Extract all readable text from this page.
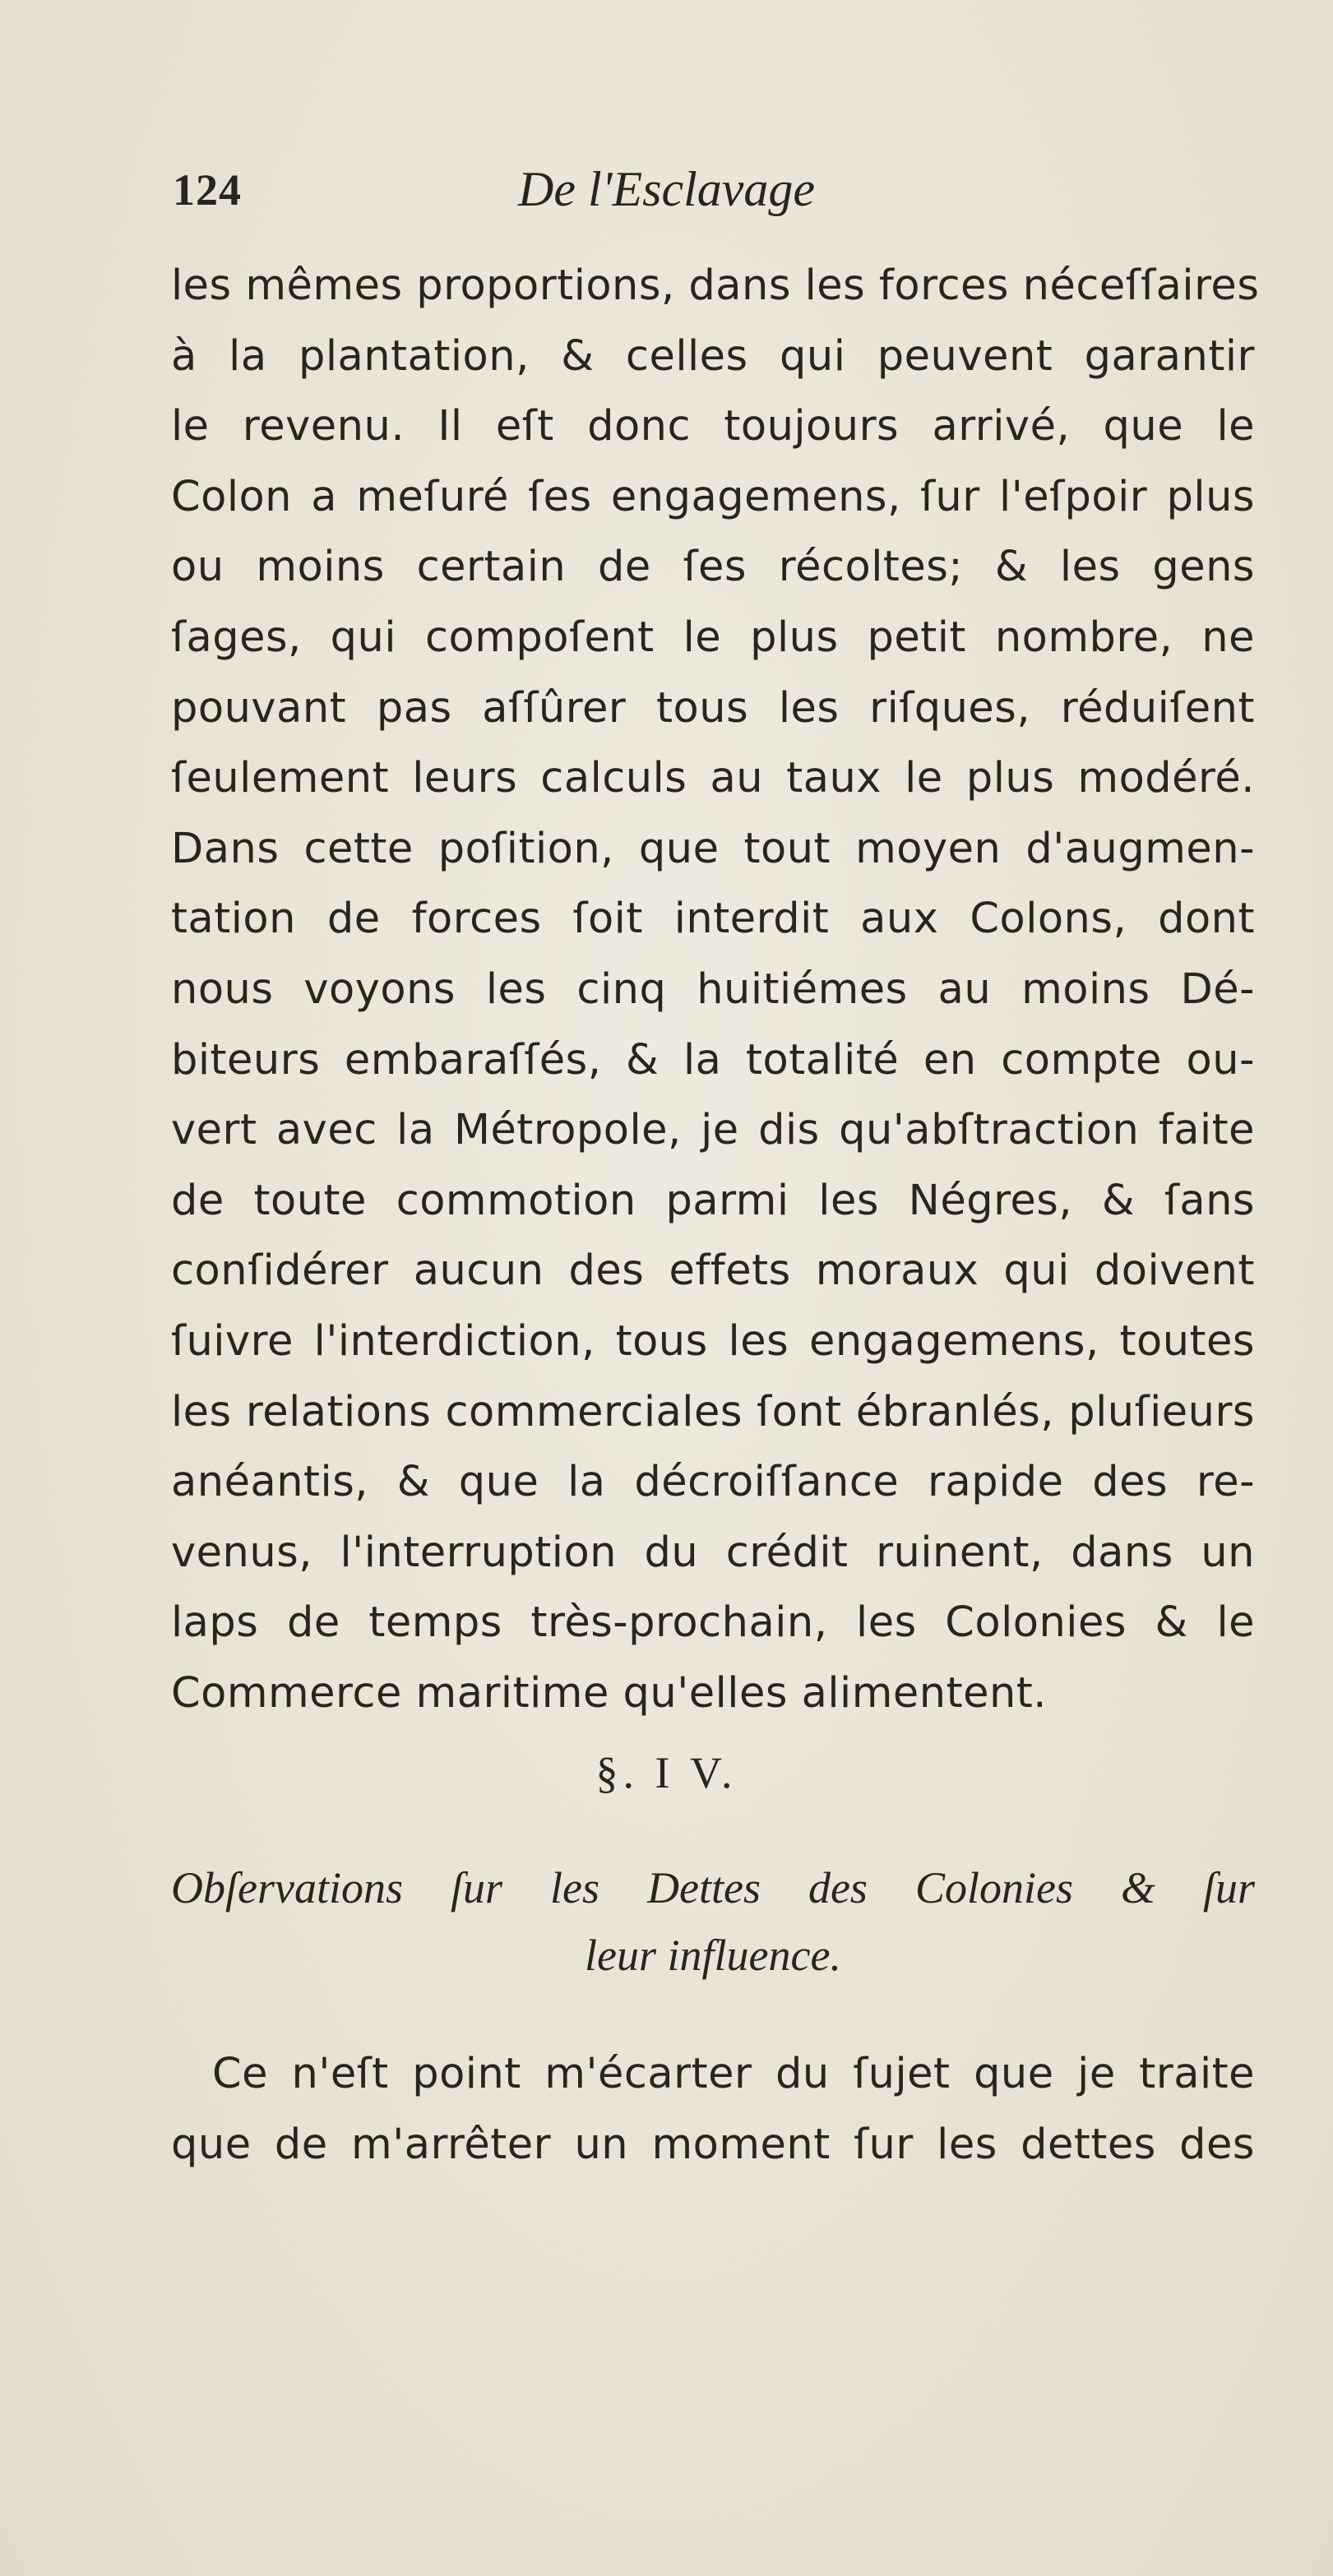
124	De l'Esclavage
les mêmes proportions, dans les forces néceſſaires
à la plantation, & celles qui peuvent garantir
le revenu. Il eſt donc toujours arrivé, que le
Colon a meſuré ſes engagemens, ſur l'eſpoir plus
ou moins certain de ſes récoltes; & les gens
ſages, qui compoſent le plus petit nombre, ne
pouvant pas aſſûrer tous les riſques, réduiſent
ſeulement leurs calculs au taux le plus modéré.
Dans cette poſition, que tout moyen d'augmen-
tation de forces ſoit interdit aux Colons, dont
nous voyons les cinq huitiémes au moins Dé-
biteurs embaraſſés, & la totalité en compte ou-
vert avec la Métropole, je dis qu'abſtraction faite
de toute commotion parmi les Négres, & ſans
conſidérer aucun des effets moraux qui doivent
ſuivre l'interdiction, tous les engagemens, toutes
les relations commerciales ſont ébranlés, pluſieurs
anéantis, & que la décroiſſance rapide des re-
venus, l'interruption du crédit ruinent, dans un
laps de temps très-prochain, les Colonies & le
Commerce maritime qu'elles alimentent.
§. I V.
Obſervations ſur les Dettes des Colonies & ſur
leur influence.
Ce n'eſt point m'écarter du ſujet que je traite
que de m'arrêter un moment ſur les dettes des
